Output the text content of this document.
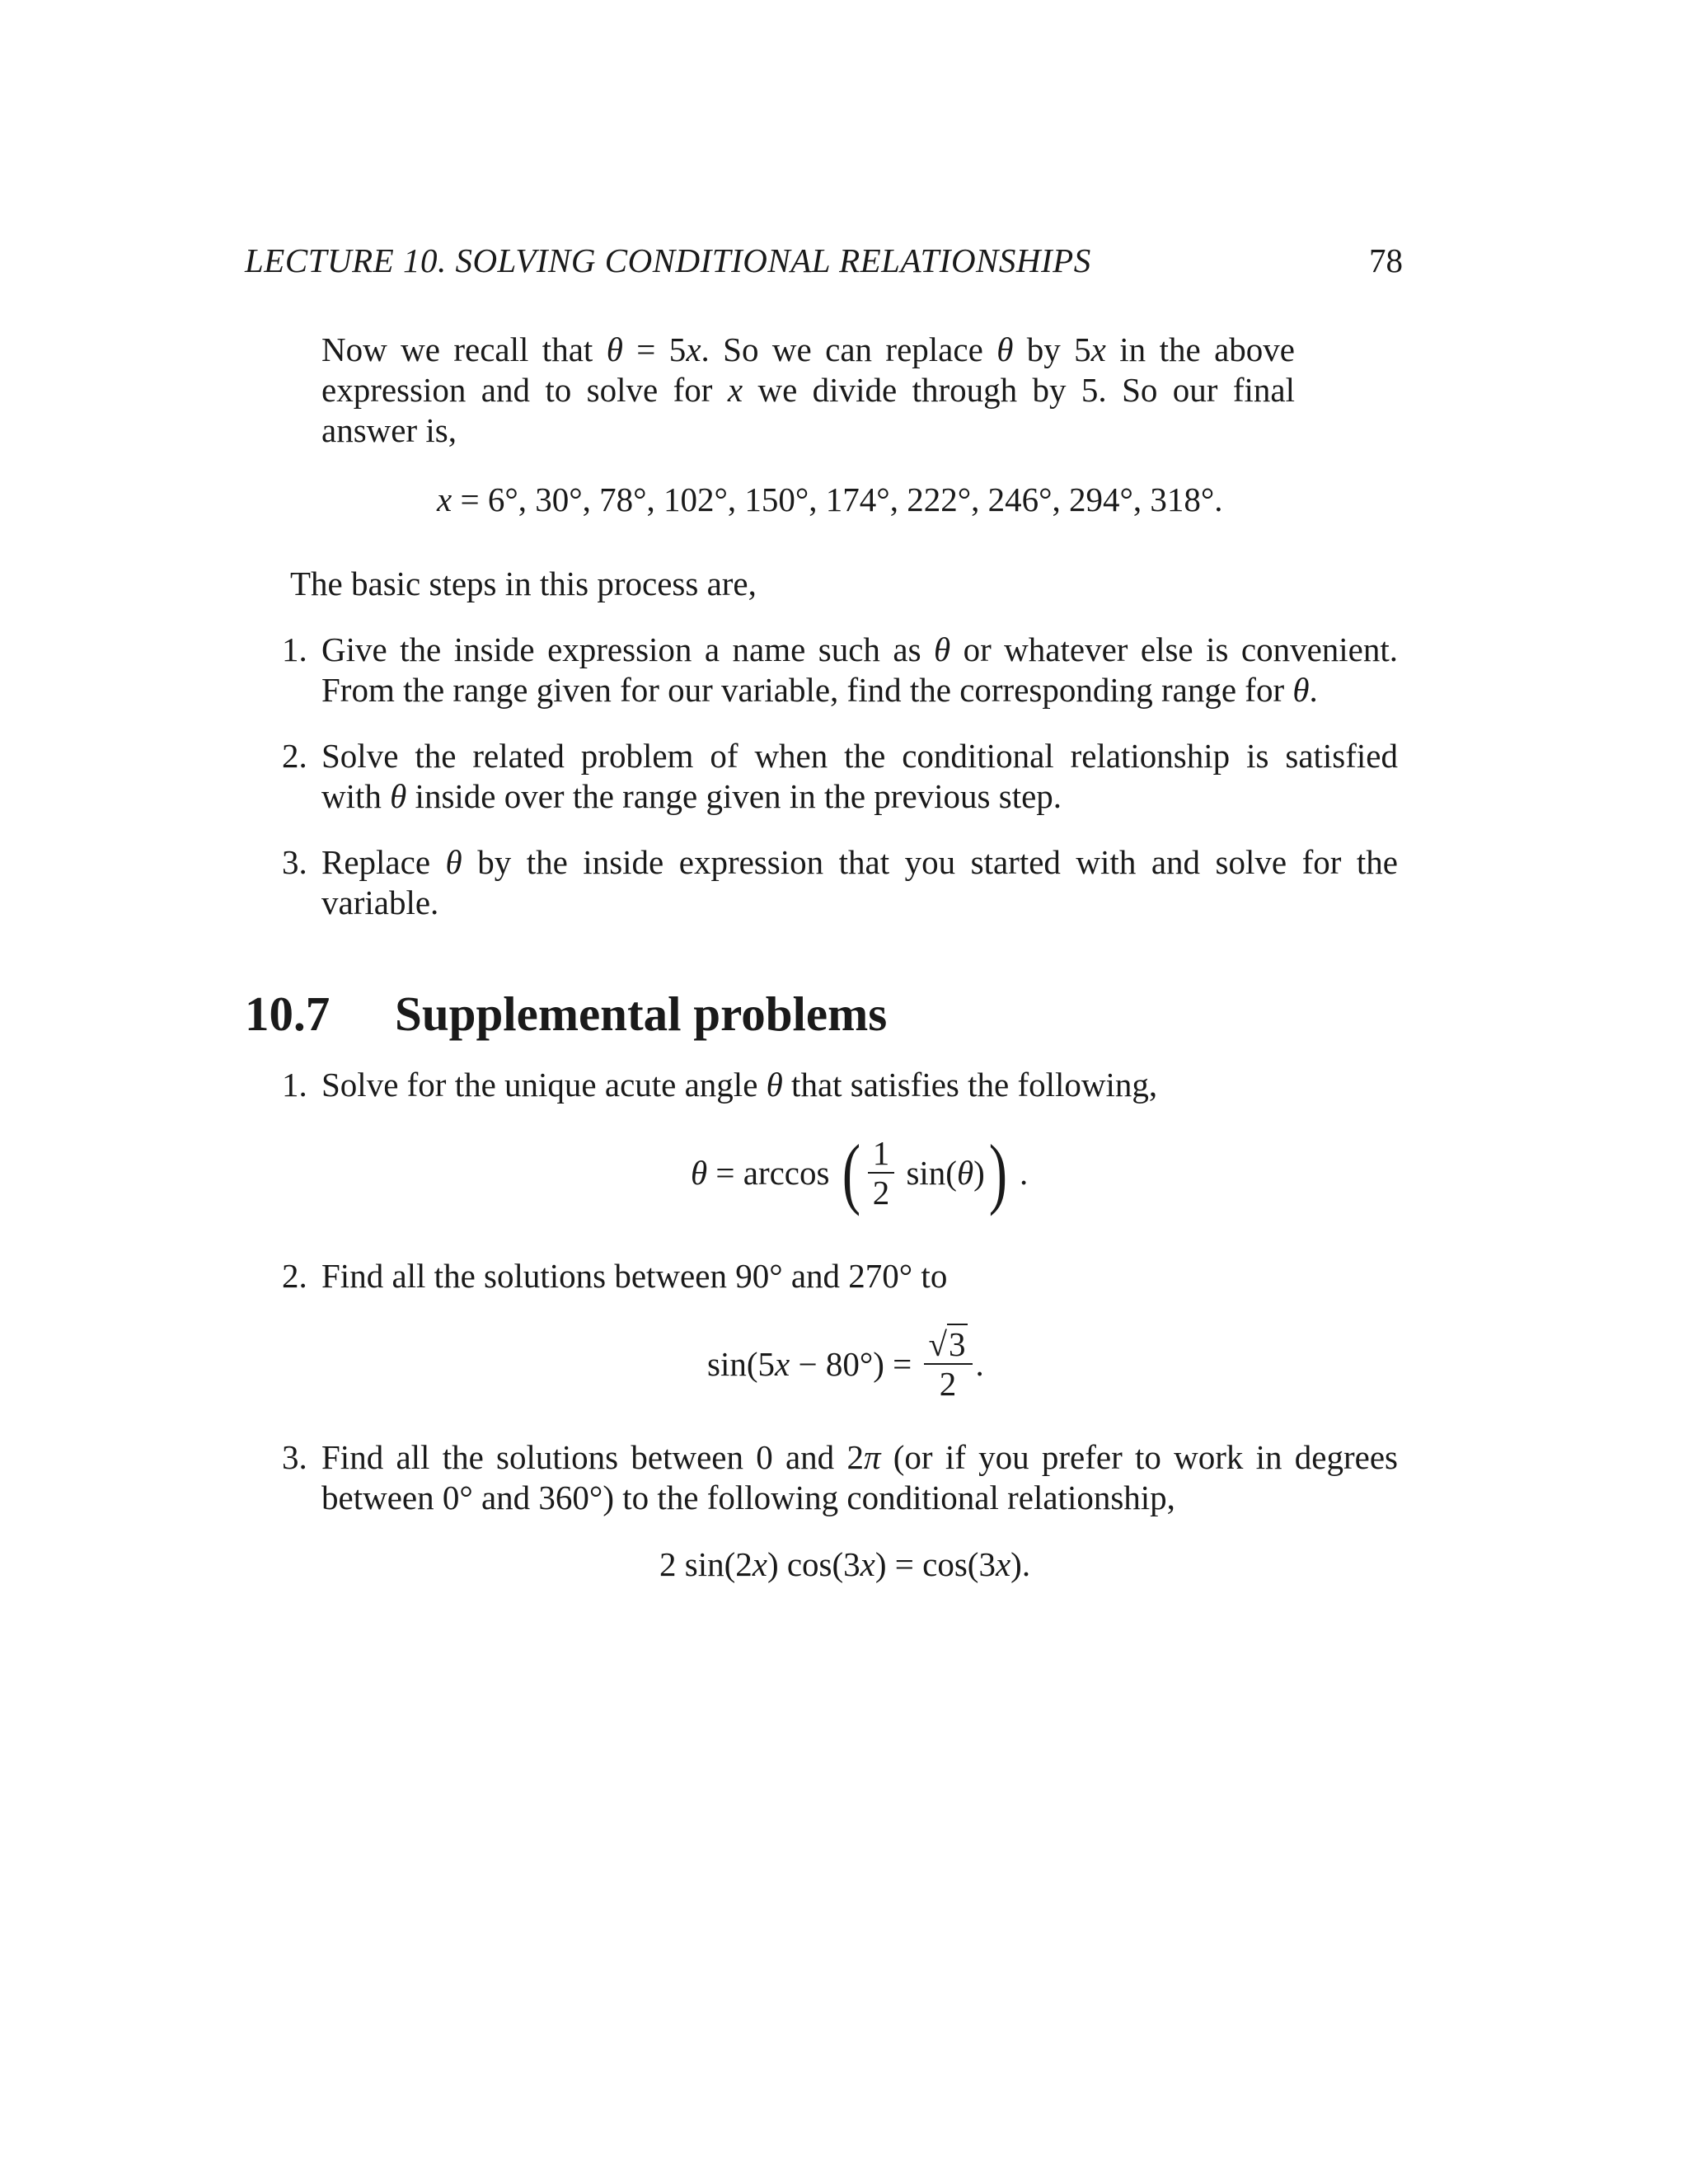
LECTURE 10. SOLVING CONDITIONAL RELATIONSHIPS	78
Now we recall that θ = 5x. So we can replace θ by 5x in the above
expression and to solve for x we divide through by 5. So our final
answer is,
x = 6°, 30°, 78°, 102°, 150°, 174°, 222°, 246°, 294°, 318°.
The basic steps in this process are,
1. Give the inside expression a name such as θ or whatever else is convenient.
From the range given for our variable, find the corresponding range for θ.
2. Solve the related problem of when the conditional relationship is satisfied
with θ inside over the range given in the previous step.
3. Replace θ by the inside expression that you started with and solve for the
variable.
10.7 Supplemental problems
1. Solve for the unique acute angle θ that satisfies the following,
θ = arccos ( $\frac{1}{2} \sin$( θ ) ) .
2. Find all the solutions between 90° and 270° to
sin(5 $x - 80^\circ) = \frac{√3}{2}$ .
3. Find all the solutions between 0 and 2π (or if you prefer to work in degrees
between 0° and 360°) to the following conditional relationship,
2 sin(2x) cos(3x) = cos(3x).
